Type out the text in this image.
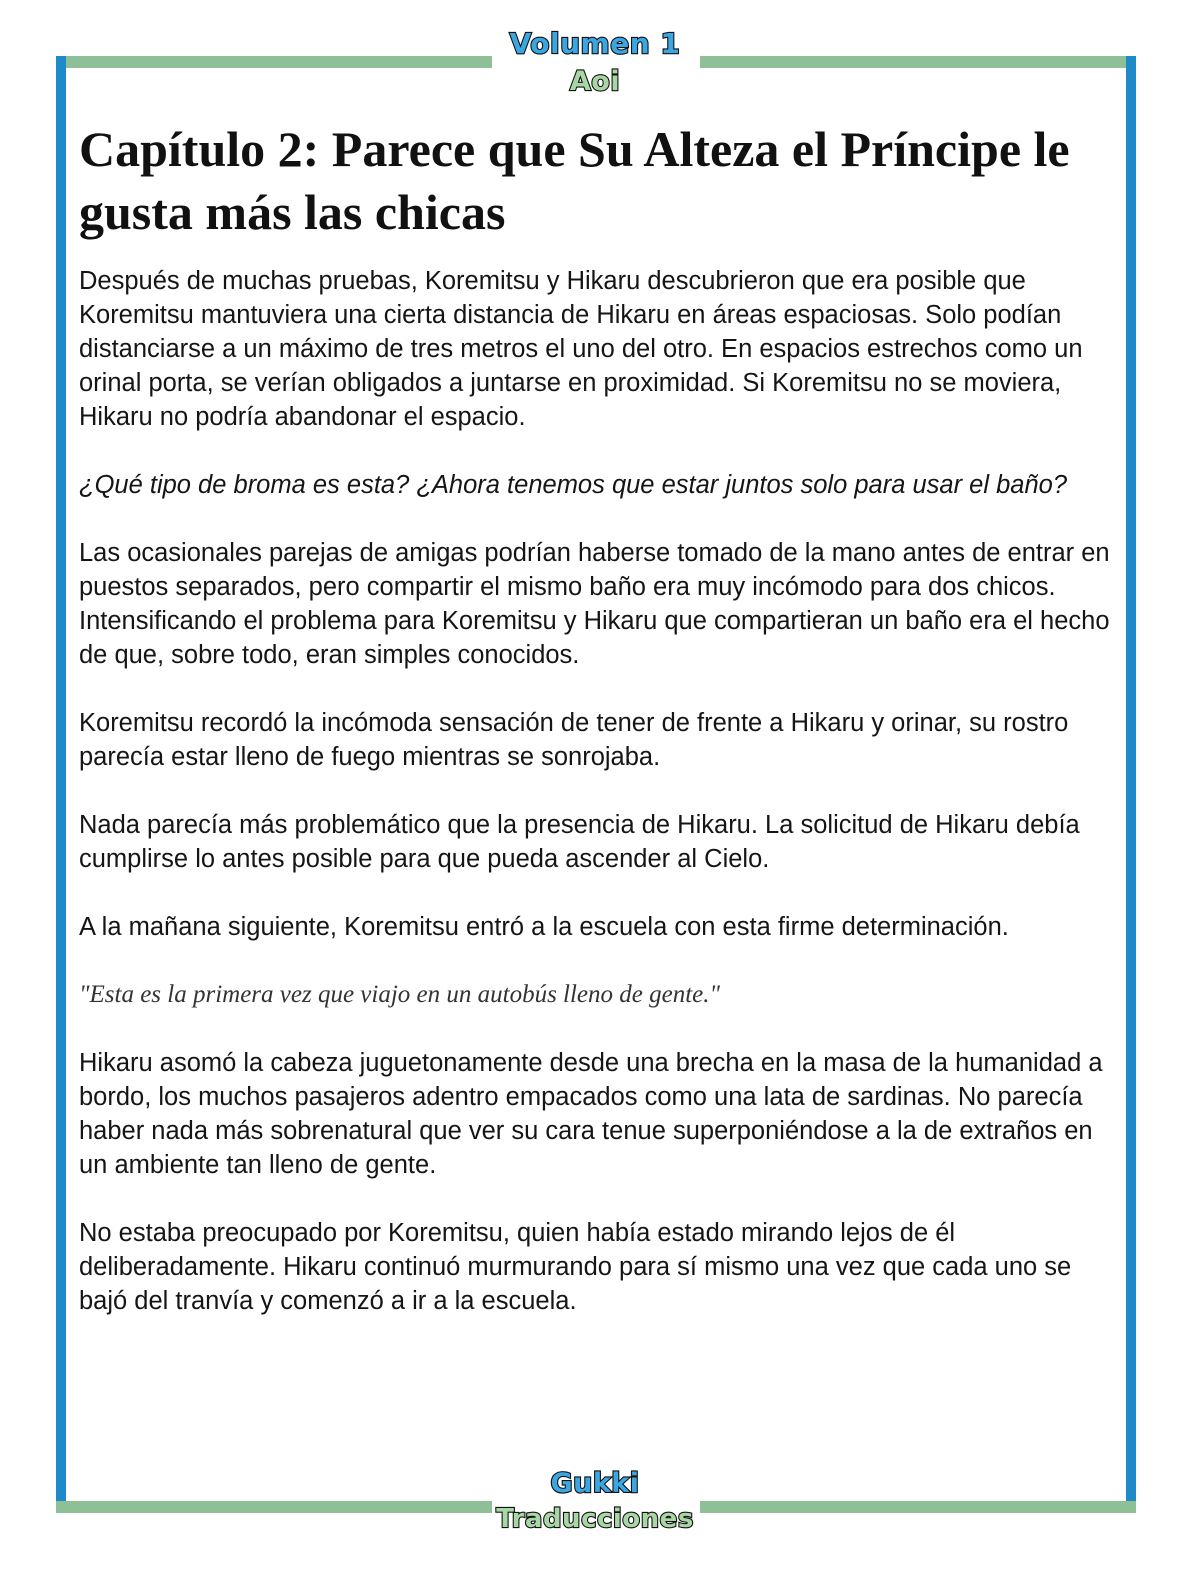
Volumen 1
Aoi
Capítulo 2: Parece que Su Alteza el Príncipe le gusta más las chicas

Después de muchas pruebas, Koremitsu y Hikaru descubrieron que era posible que Koremitsu mantuviera una cierta distancia de Hikaru en áreas espaciosas. Solo podían distanciarse a un máximo de tres metros el uno del otro. En espacios estrechos como un orinal porta, se verían obligados a juntarse en proximidad. Si Koremitsu no se moviera, Hikaru no podría abandonar el espacio.

¿Qué tipo de broma es esta? ¿Ahora tenemos que estar juntos solo para usar el baño?

Las ocasionales parejas de amigas podrían haberse tomado de la mano antes de entrar en puestos separados, pero compartir el mismo baño era muy incómodo para dos chicos. Intensificando el problema para Koremitsu y Hikaru que compartieran un baño era el hecho de que, sobre todo, eran simples conocidos.

Koremitsu recordó la incómoda sensación de tener de frente a Hikaru y orinar, su rostro parecía estar lleno de fuego mientras se sonrojaba.

Nada parecía más problemático que la presencia de Hikaru. La solicitud de Hikaru debía cumplirse lo antes posible para que pueda ascender al Cielo.

A la mañana siguiente, Koremitsu entró a la escuela con esta firme determinación.

"Esta es la primera vez que viajo en un autobús lleno de gente."

Hikaru asomó la cabeza juguetonamente desde una brecha en la masa de la humanidad a bordo, los muchos pasajeros adentro empacados como una lata de sardinas. No parecía haber nada más sobrenatural que ver su cara tenue superponiéndose a la de extraños en un ambiente tan lleno de gente.

No estaba preocupado por Koremitsu, quien había estado mirando lejos de él deliberadamente. Hikaru continuó murmurando para sí mismo una vez que cada uno se bajó del tranvía y comenzó a ir a la escuela.

Gukki
Traducciones
